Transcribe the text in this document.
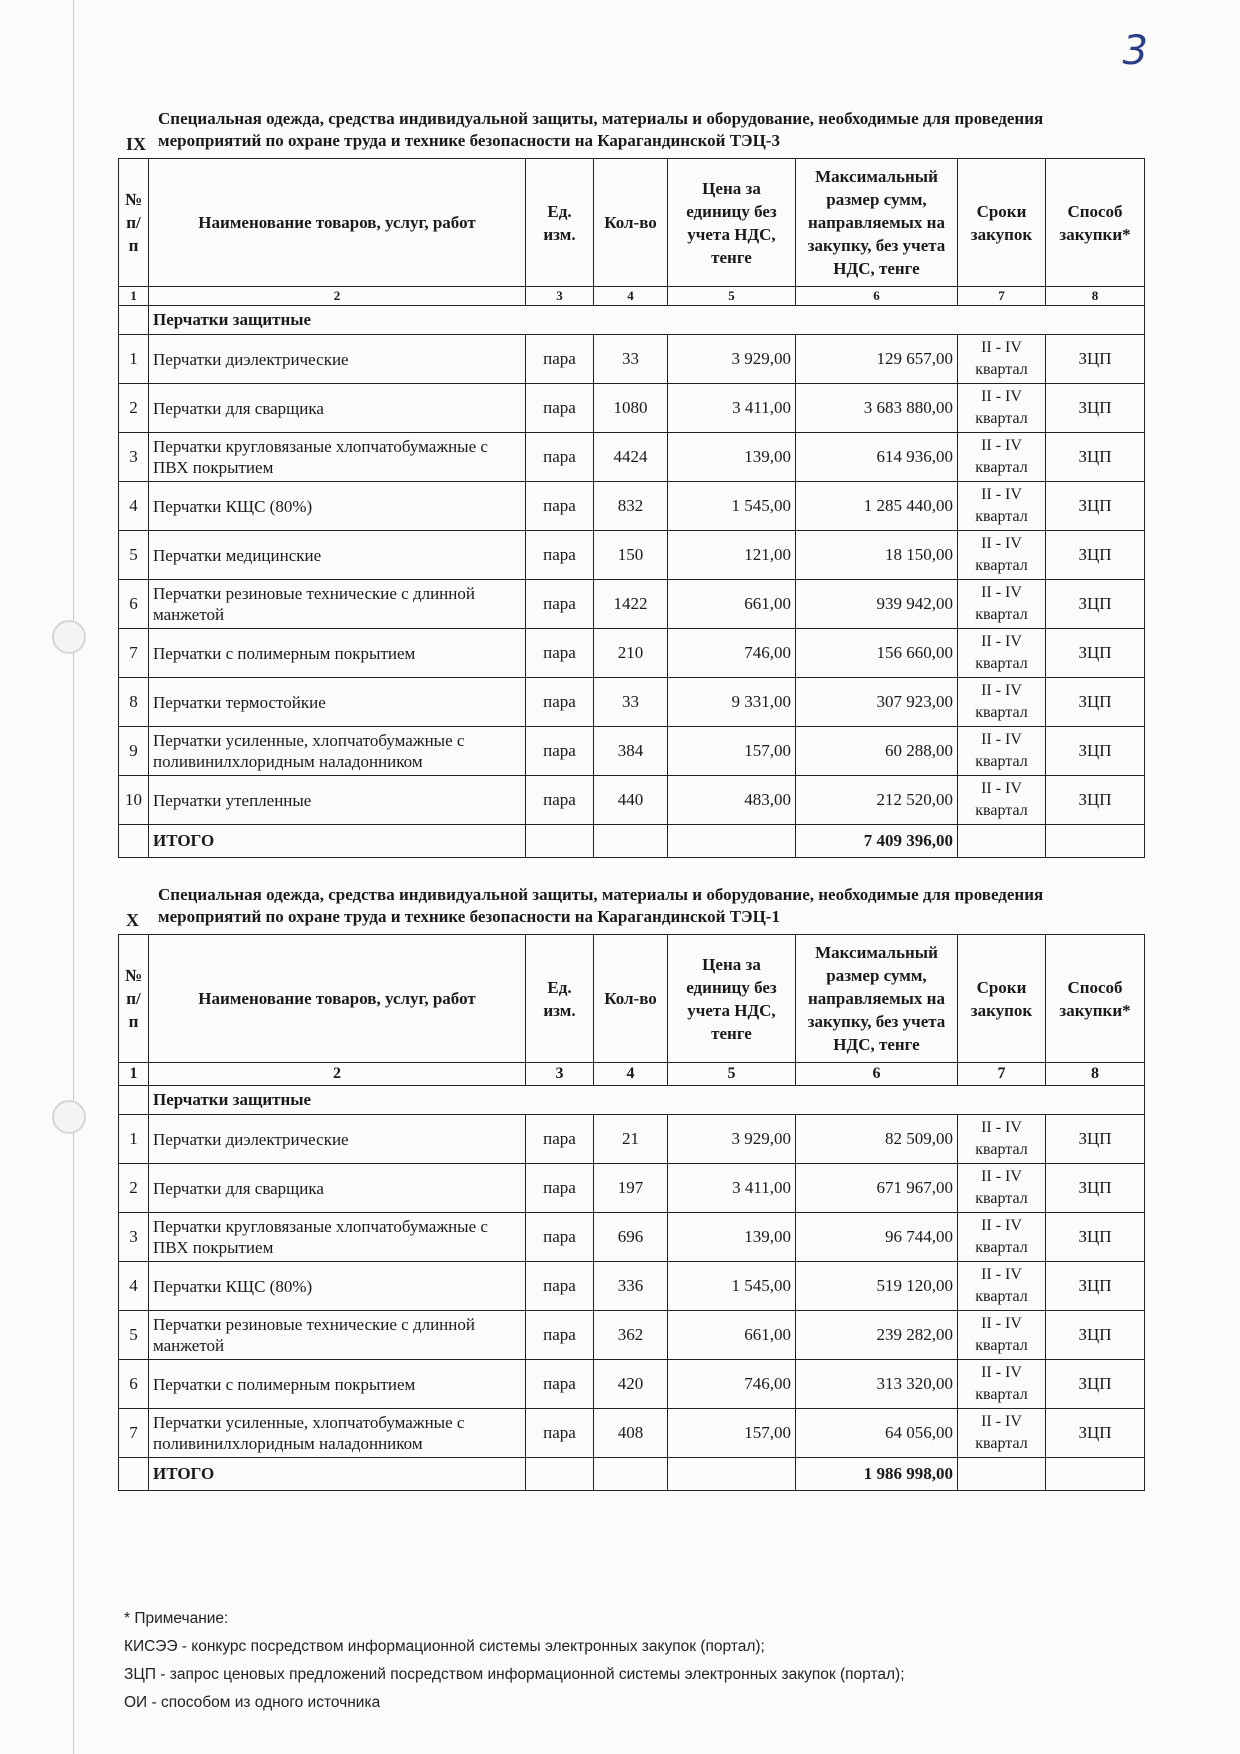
3
IX
Специальная одежда, средства индивидуальной защиты, материалы и оборудование, необходимые для проведения мероприятий по охране труда и технике безопасности на Карагандинской ТЭЦ-3
№ п/п	Наименование товаров, услуг, работ	Ед. изм.	Кол-во	Цена за единицу без учета НДС, тенге	Максимальный размер сумм, направляемых на закупку, без учета НДС, тенге	Сроки закупок	Способ закупки*
1	2	3	4	5	6	7	8
	Перчатки защитные						
1	Перчатки диэлектрические	пара	33	3 929,00	129 657,00	II - IV квартал	ЗЦП
2	Перчатки для сварщика	пара	1080	3 411,00	3 683 880,00	II - IV квартал	ЗЦП
3	Перчатки кругловязаные хлопчатобумажные с ПВХ покрытием	пара	4424	139,00	614 936,00	II - IV квартал	ЗЦП
4	Перчатки КЩС (80%)	пара	832	1 545,00	1 285 440,00	II - IV квартал	ЗЦП
5	Перчатки медицинские	пара	150	121,00	18 150,00	II - IV квартал	ЗЦП
6	Перчатки резиновые технические с длинной манжетой	пара	1422	661,00	939 942,00	II - IV квартал	ЗЦП
7	Перчатки с полимерным покрытием	пара	210	746,00	156 660,00	II - IV квартал	ЗЦП
8	Перчатки термостойкие	пара	33	9 331,00	307 923,00	II - IV квартал	ЗЦП
9	Перчатки усиленные, хлопчатобумажные с поливинилхлоридным наладонником	пара	384	157,00	60 288,00	II - IV квартал	ЗЦП
10	Перчатки утепленные	пара	440	483,00	212 520,00	II - IV квартал	ЗЦП
	ИТОГО				7 409 396,00		
X
Специальная одежда, средства индивидуальной защиты, материалы и оборудование, необходимые для проведения мероприятий по охране труда и технике безопасности на Карагандинской ТЭЦ-1
№ п/п	Наименование товаров, услуг, работ	Ед. изм.	Кол-во	Цена за единицу без учета НДС, тенге	Максимальный размер сумм, направляемых на закупку, без учета НДС, тенге	Сроки закупок	Способ закупки*
1	2	3	4	5	6	7	8
	Перчатки защитные						
1	Перчатки диэлектрические	пара	21	3 929,00	82 509,00	II - IV квартал	ЗЦП
2	Перчатки для сварщика	пара	197	3 411,00	671 967,00	II - IV квартал	ЗЦП
3	Перчатки кругловязаные хлопчатобумажные с ПВХ покрытием	пара	696	139,00	96 744,00	II - IV квартал	ЗЦП
4	Перчатки КЩС (80%)	пара	336	1 545,00	519 120,00	II - IV квартал	ЗЦП
5	Перчатки резиновые технические с длинной манжетой	пара	362	661,00	239 282,00	II - IV квартал	ЗЦП
6	Перчатки с полимерным покрытием	пара	420	746,00	313 320,00	II - IV квартал	ЗЦП
7	Перчатки усиленные, хлопчатобумажные с поливинилхлоридным наладонником	пара	408	157,00	64 056,00	II - IV квартал	ЗЦП
	ИТОГО				1 986 998,00		
* Примечание:
КИСЭЭ - конкурс посредством информационной системы электронных закупок (портал);
ЗЦП - запрос ценовых предложений посредством информационной системы электронных закупок (портал);
ОИ - способом из одного источника
